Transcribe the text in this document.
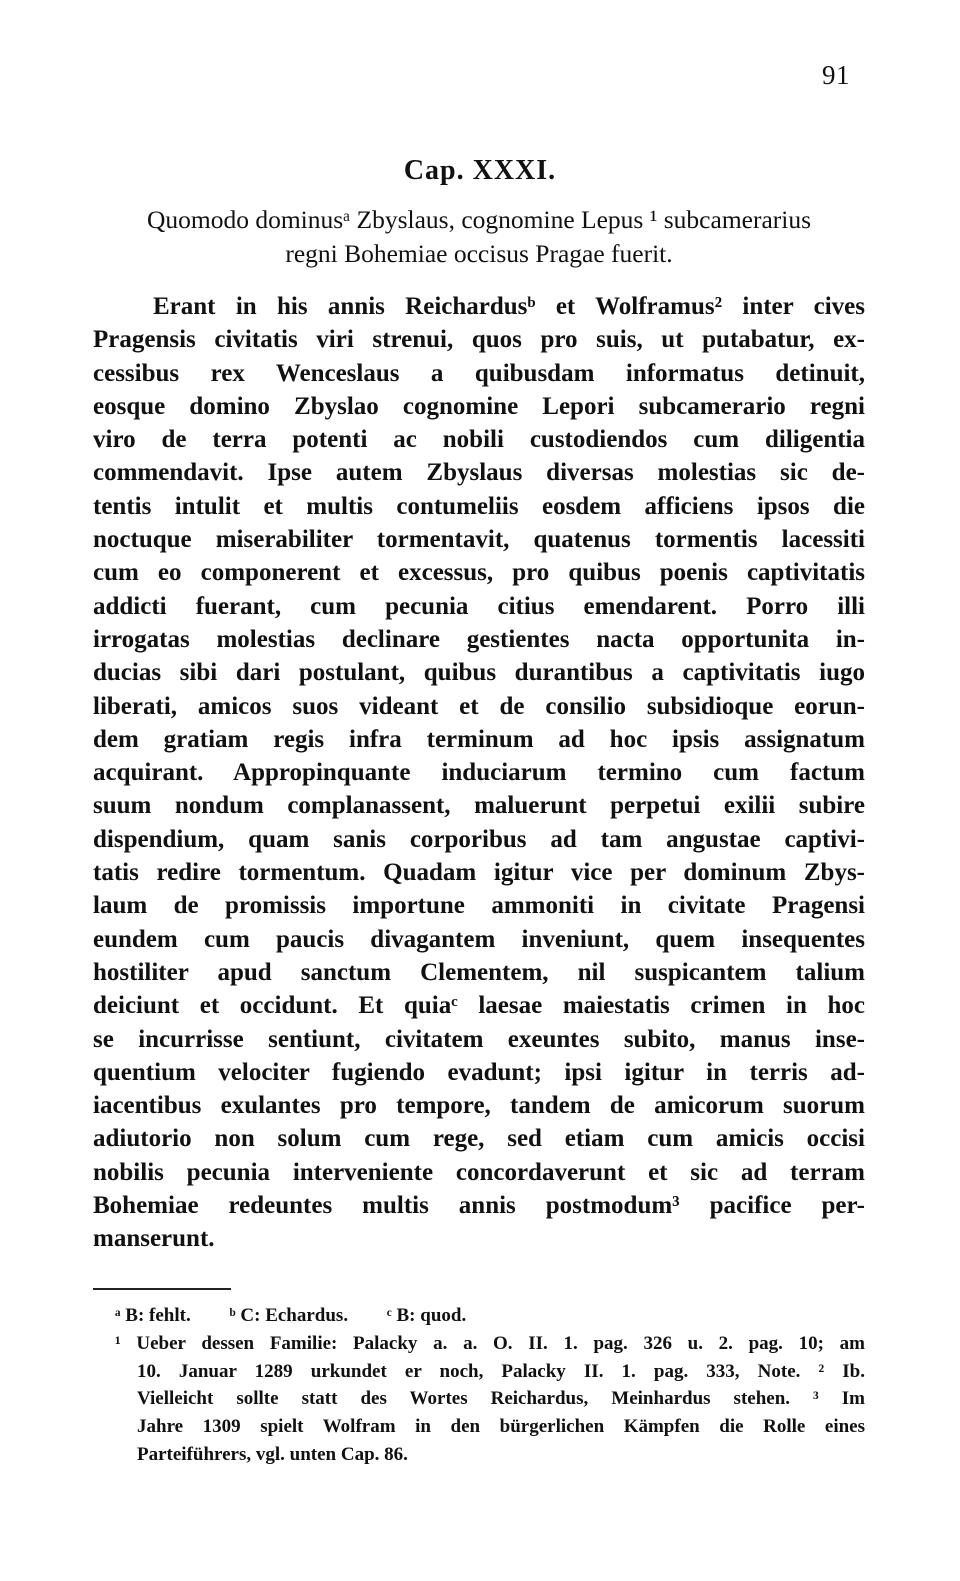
91
Cap. XXXI.
Quomodo dominusᵃ Zbyslaus, cognomine Lepus ¹ subcamerarius
regni Bohemiae occisus Pragae fuerit.
Erant in his annis Reichardusᵇ et Wolframus² inter cives
Pragensis civitatis viri strenui, quos pro suis, ut putabatur, ex-
cessibus rex Wenceslaus a quibusdam informatus detinuit,
eosque domino Zbyslao cognomine Lepori subcamerario regni
viro de terra potenti ac nobili custodiendos cum diligentia
commendavit. Ipse autem Zbyslaus diversas molestias sic de-
tentis intulit et multis contumeliis eosdem afficiens ipsos die
noctuque miserabiliter tormentavit, quatenus tormentis lacessiti
cum eo componerent et excessus, pro quibus poenis captivitatis
addicti fuerant, cum pecunia citius emendarent. Porro illi
irrogatas molestias declinare gestientes nacta opportunita in-
ducias sibi dari postulant, quibus durantibus a captivitatis iugo
liberati, amicos suos videant et de consilio subsidioque eorun-
dem gratiam regis infra terminum ad hoc ipsis assignatum
acquirant. Appropinquante induciarum termino cum factum
suum nondum complanassent, maluerunt perpetui exilii subire
dispendium, quam sanis corporibus ad tam angustae captivi-
tatis redire tormentum. Quadam igitur vice per dominum Zbys-
laum de promissis importune ammoniti in civitate Pragensi
eundem cum paucis divagantem inveniunt, quem insequentes
hostiliter apud sanctum Clementem, nil suspicantem talium
deiciunt et occidunt. Et quiaᶜ laesae maiestatis crimen in hoc
se incurrisse sentiunt, civitatem exeuntes subito, manus inse-
quentium velociter fugiendo evadunt; ipsi igitur in terris ad-
iacentibus exulantes pro tempore, tandem de amicorum suorum
adiutorio non solum cum rege, sed etiam cum amicis occisi
nobilis pecunia interveniente concordaverunt et sic ad terram
Bohemiae redeuntes multis annis postmodum³ pacifice per-
manserunt.
ᵃ B: fehlt. ᵇ C: Echardus. ᶜ B: quod.
¹ Ueber dessen Familie: Palacky a. a. O. II. 1. pag. 326 u. 2. pag. 10; am
10. Januar 1289 urkundet er noch, Palacky II. 1. pag. 333, Note. ² Ib.
Vielleicht sollte statt des Wortes Reichardus, Meinhardus stehen. ³ Im
Jahre 1309 spielt Wolfram in den bürgerlichen Kämpfen die Rolle eines
Parteiführers, vgl. unten Cap. 86.
